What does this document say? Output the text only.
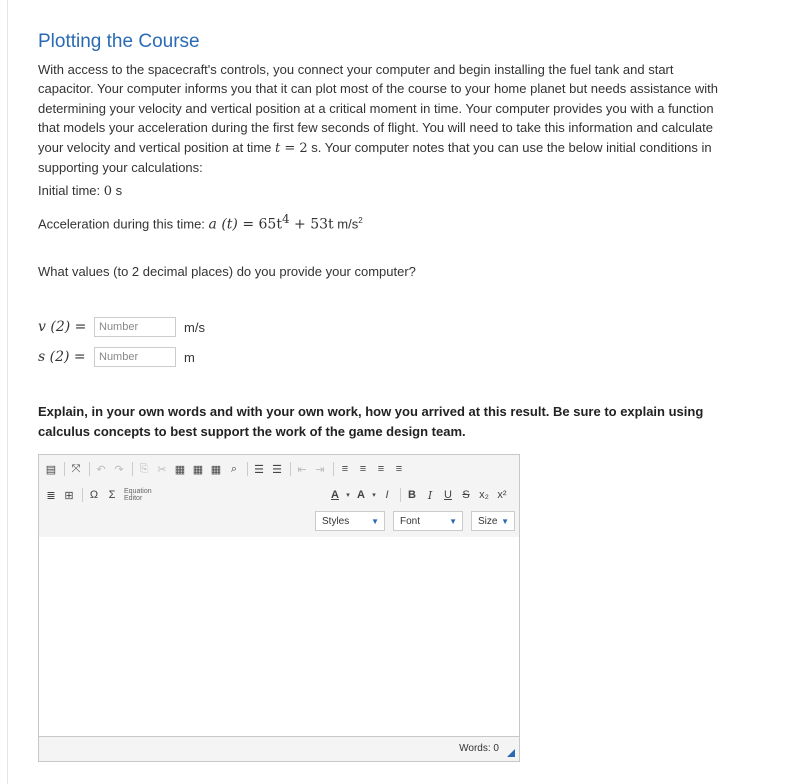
Plotting the Course
With access to the spacecraft's controls, you connect your computer and begin installing the fuel tank and start capacitor. Your computer informs you that it can plot most of the course to your home planet but needs assistance with determining your velocity and vertical position at a critical moment in time. Your computer provides you with a function that models your acceleration during the first few seconds of flight. You will need to take this information and calculate your velocity and vertical position at time t = 2 s. Your computer notes that you can use the below initial conditions in supporting your calculations:
Initial time: 0 s
Acceleration during this time: a $(t) = 65t^4 + 53t$ $m/s^2$
What values (to 2 decimal places) do you provide your computer?
v (2) =
Number	m/s
s (2) =
Number	m
Explain, in your own words and with your own work, how you arrived at this result. Be sure to explain using calculus concepts to best support the work of the game design team.
▤	⤧	↶ ↷	⎘ ✂ ▦ ▦ ▦ ⌕	☰ ☰	⇤ ⇥	≡	≡	≡	≡
≣ ⊞	Ω Σ	Equation
Editor	A	▾ A	▾ I	B	I	U S x₂ x²
Styles	▼ Font	▼ Size ▼
Words: 0
